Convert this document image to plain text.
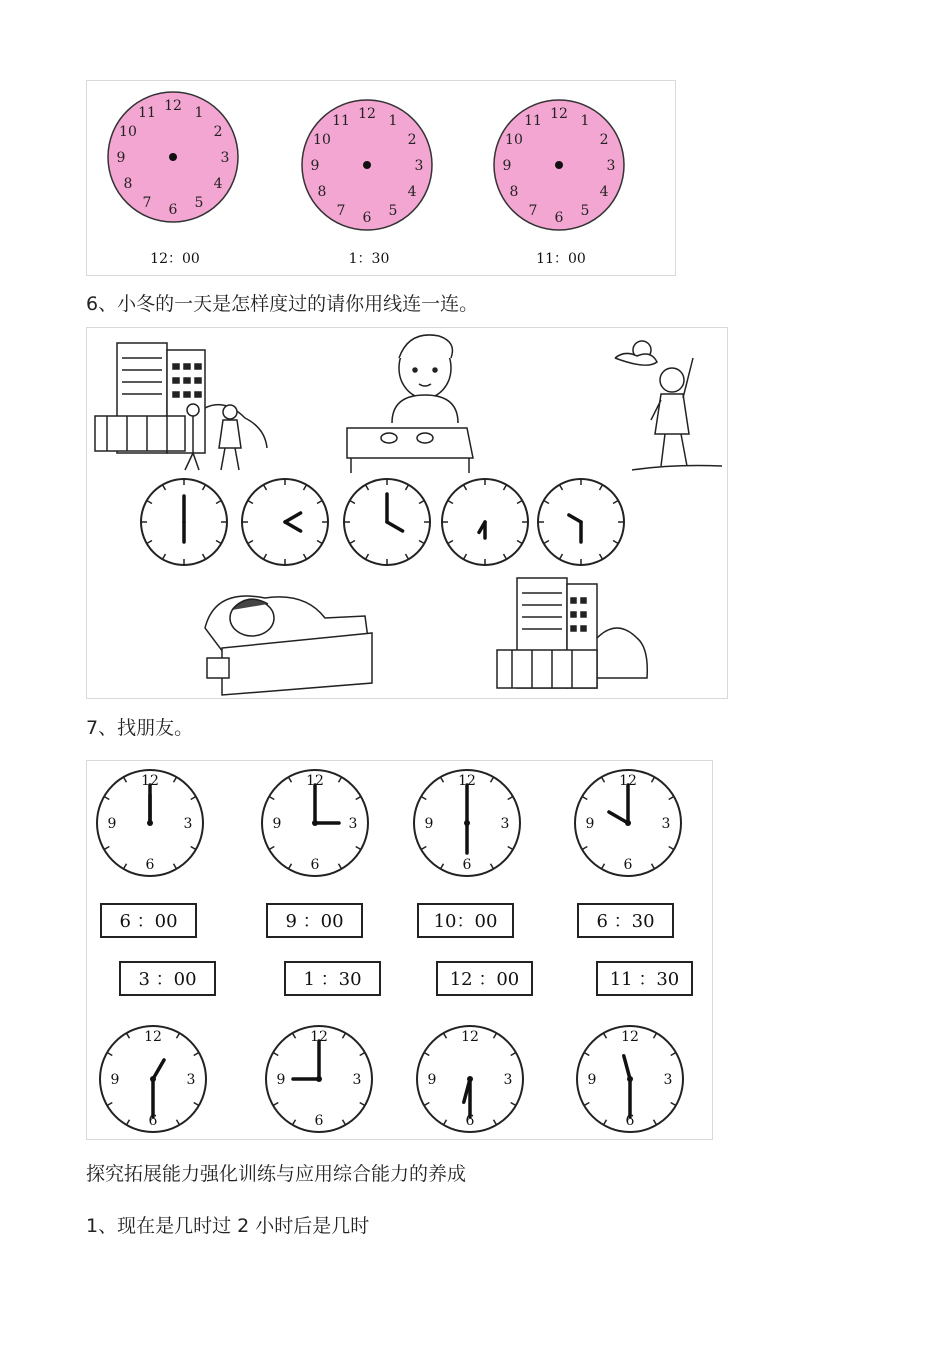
12 1
2
3
4
5
6
7
8
9
10
11
12：00
12 1
2
3
4
5
6
7
8
9
10
11
1：30
12 1
2
3
4
5
6
7
8
9
10
11
11：00
6、小冬的一天是怎样度过的请你用线连一连。
7、找朋友。
12
3
6
9
12
3
6
9
12
3
6
9
12
3
6
9
12
3
6
9
12
3
6
9
12
3
6
9
12
3
6
9
6 ：00	9 ：00	10：00	6 ：30
3 ：00	1 ：30	12 ：00	11 ：30
探究拓展能力强化训练与应用综合能力的养成
1、现在是几时过 2 小时后是几时
